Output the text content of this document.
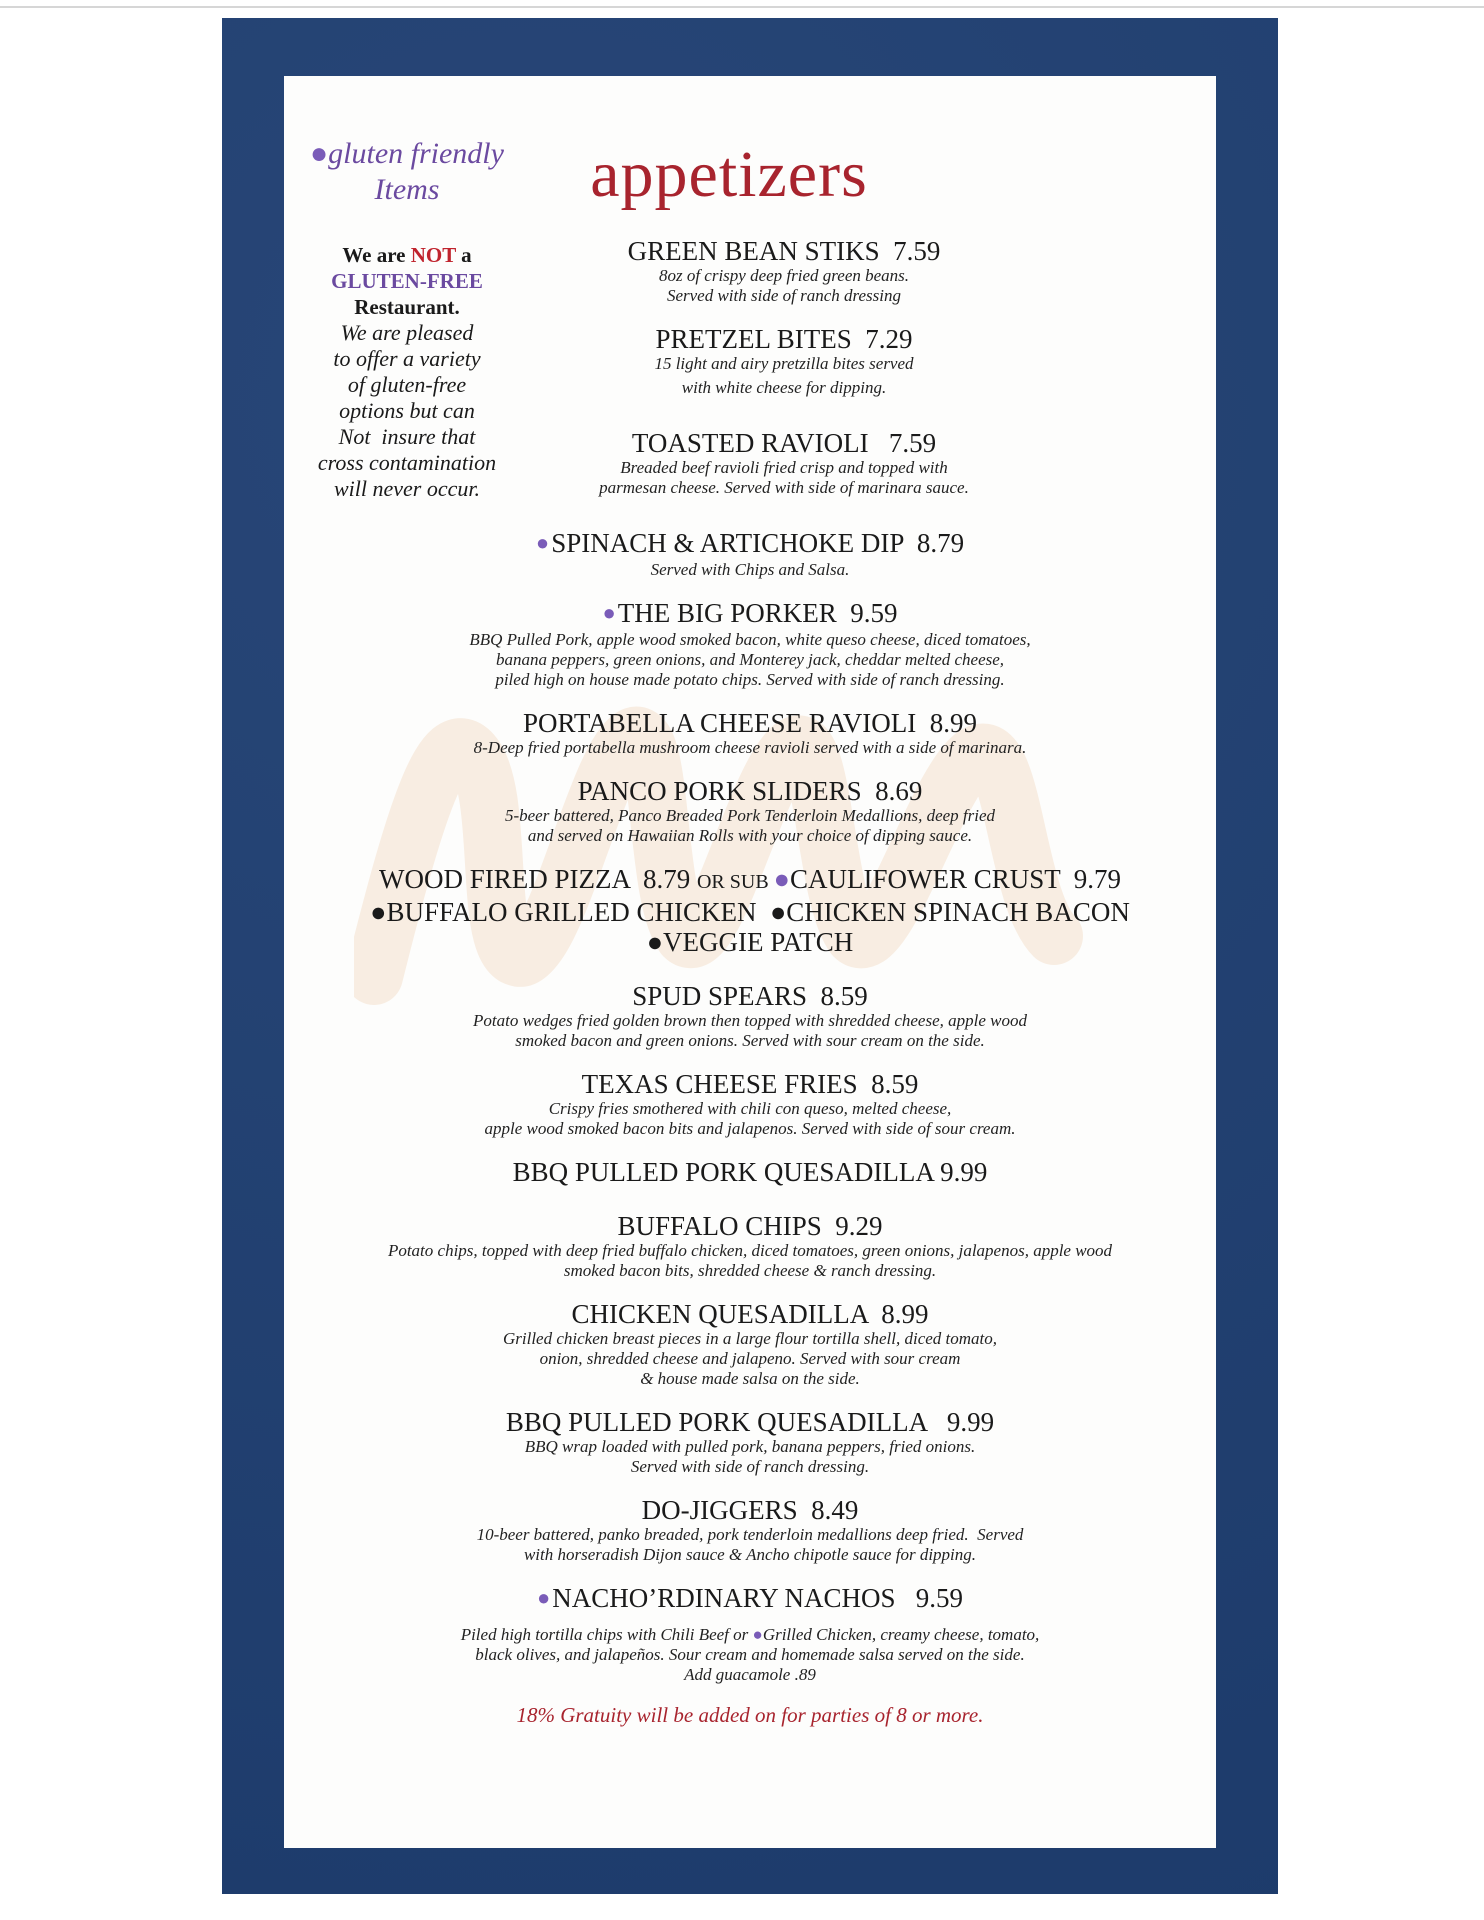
●gluten friendly
Items
We are NOT a
GLUTEN-FREE
Restaurant.
We are pleased
to offer a variety
of gluten-free
options but can
Not  insure that
cross contamination
will never occur.
appetizers
GREEN BEAN STIKS  7.59
8oz of crispy deep fried green beans.
Served with side of ranch dressing
PRETZEL BITES  7.29
15 light and airy pretzilla bites served
with white cheese for dipping.
TOASTED RAVIOLI   7.59
Breaded beef ravioli fried crisp and topped with
parmesan cheese. Served with side of marinara sauce.
●SPINACH & ARTICHOKE DIP  8.79
Served with Chips and Salsa.
●THE BIG PORKER  9.59
BBQ Pulled Pork, apple wood smoked bacon, white queso cheese, diced tomatoes,
banana peppers, green onions, and Monterey jack, cheddar melted cheese,
piled high on house made potato chips. Served with side of ranch dressing.
PORTABELLA CHEESE RAVIOLI  8.99
8-Deep fried portabella mushroom cheese ravioli served with a side of marinara.
PANCO PORK SLIDERS  8.69
5-beer battered, Panco Breaded Pork Tenderloin Medallions, deep fried
and served on Hawaiian Rolls with your choice of dipping sauce.
WOOD FIRED PIZZA  8.79 OR SUB ●CAULIFOWER CRUST  9.79
●BUFFALO GRILLED CHICKEN  ●CHICKEN SPINACH BACON
●VEGGIE PATCH
SPUD SPEARS  8.59
Potato wedges fried golden brown then topped with shredded cheese, apple wood
smoked bacon and green onions. Served with sour cream on the side.
TEXAS CHEESE FRIES  8.59
Crispy fries smothered with chili con queso, melted cheese,
apple wood smoked bacon bits and jalapenos. Served with side of sour cream.
BBQ PULLED PORK QUESADILLA 9.99
BUFFALO CHIPS  9.29
Potato chips, topped with deep fried buffalo chicken, diced tomatoes, green onions, jalapenos, apple wood
smoked bacon bits, shredded cheese & ranch dressing.
CHICKEN QUESADILLA  8.99
Grilled chicken breast pieces in a large flour tortilla shell, diced tomato,
onion, shredded cheese and jalapeno. Served with sour cream
& house made salsa on the side.
BBQ PULLED PORK QUESADILLA   9.99
BBQ wrap loaded with pulled pork, banana peppers, fried onions.
Served with side of ranch dressing.
DO-JIGGERS  8.49
10-beer battered, panko breaded, pork tenderloin medallions deep fried.  Served
with horseradish Dijon sauce & Ancho chipotle sauce for dipping.
●NACHO’RDINARY NACHOS   9.59
Piled high tortilla chips with Chili Beef or ●Grilled Chicken, creamy cheese, tomato,
black olives, and jalapeños. Sour cream and homemade salsa served on the side.
Add guacamole .89
18% Gratuity will be added on for parties of 8 or more.
